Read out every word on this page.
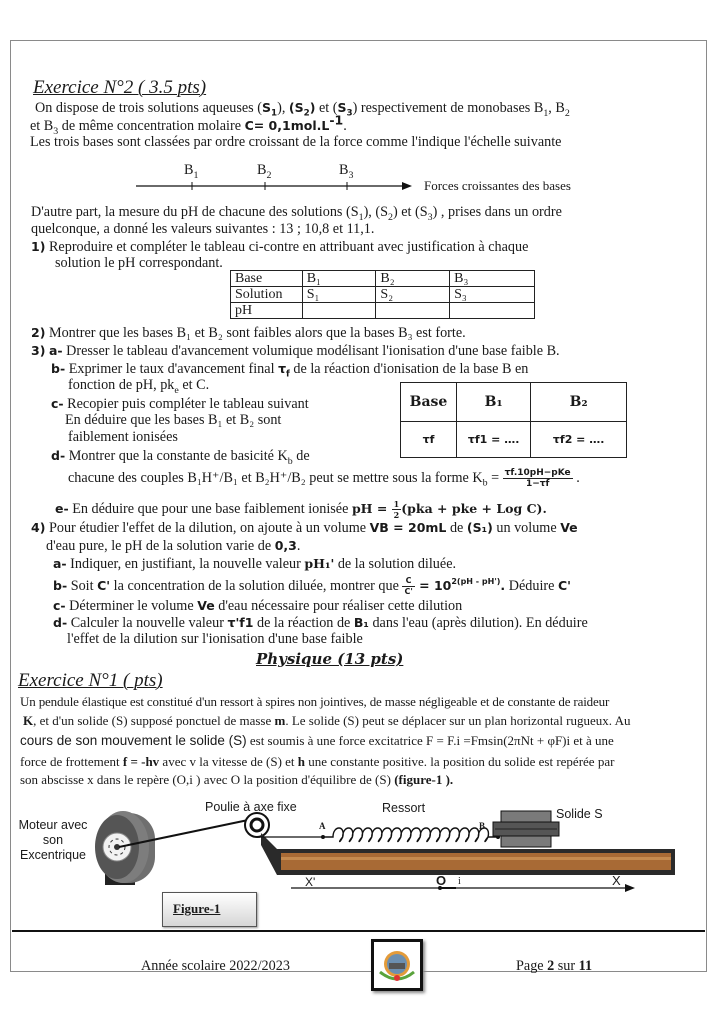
Exercice N°2 ( 3.5 pts)
On dispose de trois solutions aqueuses $(S_1)$, $(S_2)$ et $(S_3)$ respectivement de monobases $B_1$, $B_2$
et $B_3$ de même concentration molaire $C= 0,1mol.L^{-1}$.
Les trois bases sont classées par ordre croissant de la force comme l'indique l'échelle suivante
$B_1$	$B_2$	$B_3$
Forces croissantes des bases
D'autre part, la mesure du pH de chacune des solutions $(S_1)$, $(S_2)$ et $(S_3)$ , prises dans un ordre
quelconque, a donné les valeurs suivantes : 13 ; 10,8 et 11,1.
1) Reproduire et compléter le tableau ci-contre en attribuant avec justification à chaque
solution le pH correspondant.
Base	B₁	B₂	B₃
Solution	S₁	S₂	S₃
pH			
2) Montrer que les bases B₁ et B₂ sont faibles alors que la bases B₃ est forte.
3) a- Dresser le tableau d'avancement volumique modélisant l'ionisation d'une base faible B.
b- Exprimer le taux d'avancement final $\tau_f$ de la réaction d'ionisation de la base B en
fonction de pH, $pk_e$ et C.
c- Recopier puis compléter le tableau suivant
En déduire que les bases B₁ et B₂ sont
faiblement ionisées
Base	B₁	B₂
τf	τf1 = ….	τf2 = ….
d- Montrer que la constante de basicité $K_b$ de
chacune des couples B₁H⁺/B₁ et B₂H⁺/B₂ peut se mettre sous la forme $K_b = \frac{\text{τf.10pH−pKe}}{1-\tau f}$ .
e- En déduire que pour une base faiblement ionisée pH = $\frac{1}{2} (pka$ + pke + Log C).
4) Pour étudier l'effet de la dilution, on ajoute à un volume VB = 20mL de (S₁) un volume Ve
d'eau pure, le pH de la solution varie de 0,3.
a- Indiquer, en justifiant, la nouvelle valeur pH₁' de la solution diluée.
b- Soit C' la concentration de la solution diluée, montrer que $\frac{C}{C'} = 10^{2(pH - pH')}$. Déduire C'
c- Déterminer le volume Ve d'eau nécessaire pour réaliser cette dilution
d- Calculer la nouvelle valeur τ'f1 de la réaction de B₁ dans l'eau (après dilution). En déduire
l'effet de la dilution sur l'ionisation d'une base faible
Physique (13 pts)
Exercice N°1 ( pts)
Un pendule élastique est constitué d'un ressort à spires non jointives, de masse négligeable et de constante de raideur
K, et d'un solide (S) supposé ponctuel de masse m. Le solide (S) peut se déplacer sur un plan horizontal rugueux. Au
cours de son mouvement le solide (S) est soumis à une force excitatrice F = F.i =Fmsin(2πNt + φF)i et à une
force de frottement f = -hv avec v la vitesse de (S) et h une constante positive. la position du solide est repérée par
son abscisse x dans le repère (O,i ) avec O la position d'équilibre de (S) (figure-1 ).
Moteur avec
son
Excentrique
Poulie à axe fixe	Ressort	Solide S
A	B
X'	O i	X
Figure-1
Année scolaire 2022/2023	Page 2 sur 11
